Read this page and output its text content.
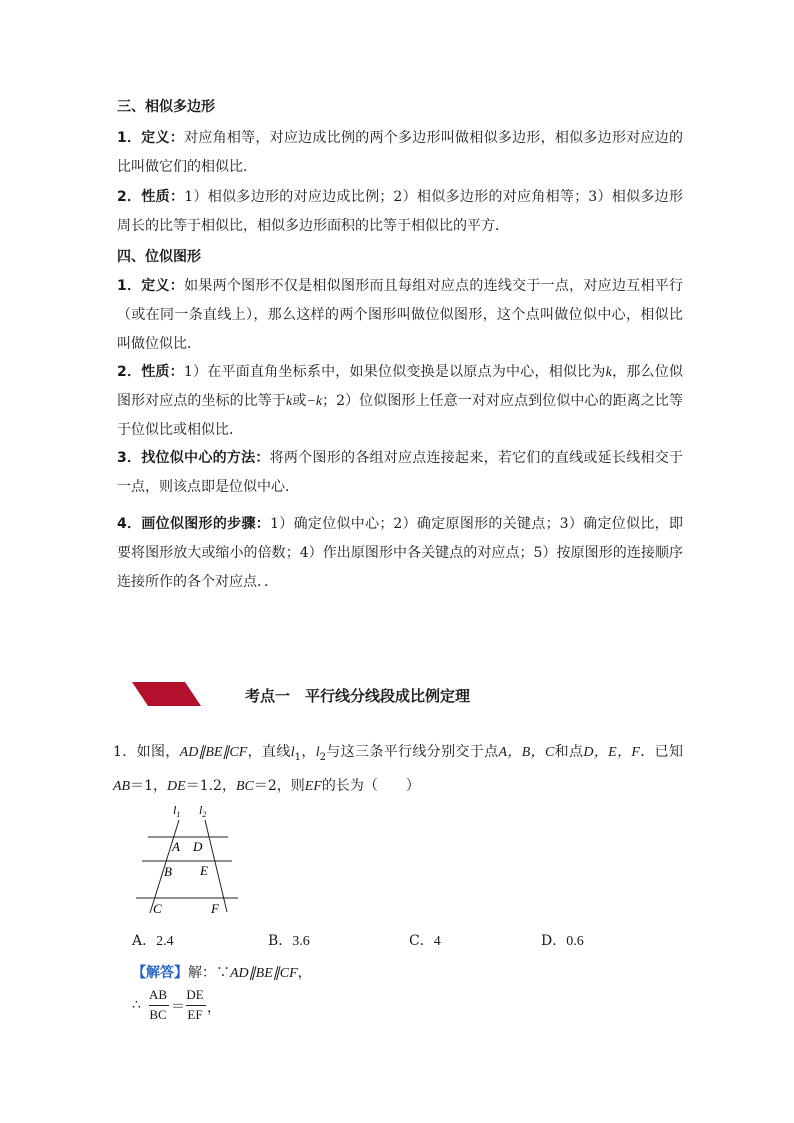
三、相似多边形
1．定义：对应角相等，对应边成比例的两个多边形叫做相似多边形，相似多边形对应边的比叫做它们的相似比．
2．性质：1）相似多边形的对应边成比例；2）相似多边形的对应角相等；3）相似多边形周长的比等于相似比，相似多边形面积的比等于相似比的平方．
四、位似图形
1．定义：如果两个图形不仅是相似图形而且每组对应点的连线交于一点，对应边互相平行（或在同一条直线上），那么这样的两个图形叫做位似图形，这个点叫做位似中心，相似比叫做位似比．
2．性质：1）在平面直角坐标系中，如果位似变换是以原点为中心，相似比为k，那么位似图形对应点的坐标的比等于k或−k；2）位似图形上任意一对对应点到位似中心的距离之比等于位似比或相似比．
3．找位似中心的方法：将两个图形的各组对应点连接起来，若它们的直线或延长线相交于一点，则该点即是位似中心．
4．画位似图形的步骤：1）确定位似中心；2）确定原图形的关键点；3）确定位似比，即要将图形放大或缩小的倍数；4）作出原图形中各关键点的对应点；5）按原图形的连接顺序连接所作的各个对应点．．
考点一　平行线分线段成比例定理
1．如图，AD∥BE∥CF，直线$l_1$，$l_2$与这三条平行线分别交于点A，B，C和点D，E，F．已知AB＝1，DE＝1.2，BC＝2，则EF的长为（　　）
$l_1$ $l_2$
A D
B E
C	F
A．2.4	B．3.6	C．4	D．0.6
【解答】解：∵AD∥BE∥CF，
∴
AB
BC ＝
DE
EF ，
